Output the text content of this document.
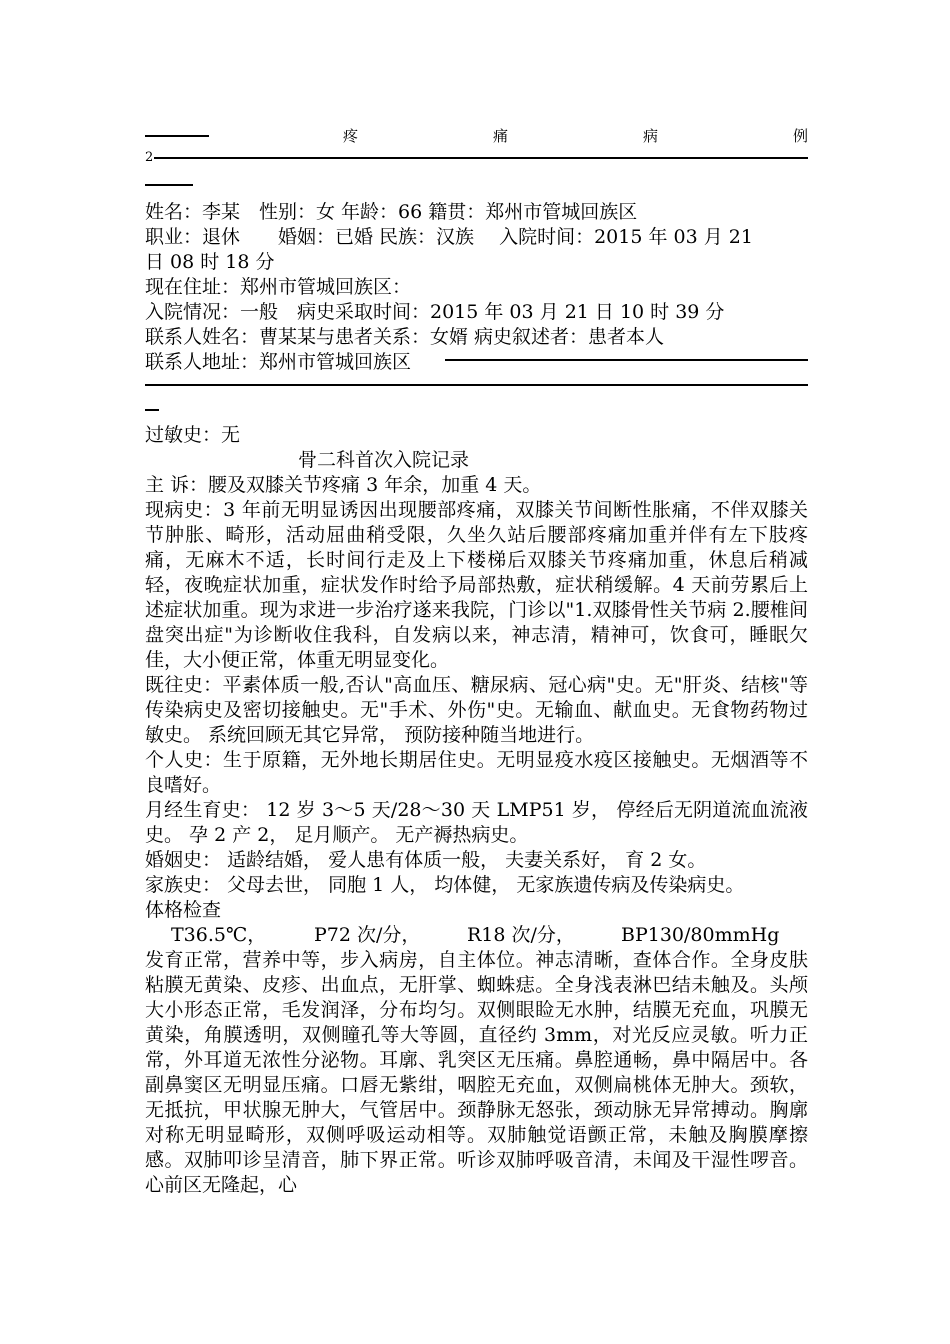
疼	痛	病	例
2
姓名：李某　性别：女 年龄：66 籍贯：郑州市管城回族区
职业：退休　　婚姻：已婚 民族：汉族　 入院时间：2015 年 03 月 21
日 08 时 18 分
现在住址：郑州市管城回族区：
入院情况：一般　病史采取时间：2015 年 03 月 21 日 10 时 39 分
联系人姓名：曹某某与患者关系：女婿 病史叙述者：患者本人
联系人地址：郑州市管城回族区

过敏史：无

骨二科首次入院记录

主 诉：腰及双膝关节疼痛 3 年余，加重 4 天。

现病史：3 年前无明显诱因出现腰部疼痛，双膝关节间断性胀痛，不伴双膝关节肿胀、畸形，活动屈曲稍受限，久坐久站后腰部疼痛加重并伴有左下肢疼痛，无麻木不适，长时间行走及上下楼梯后双膝关节疼痛加重，休息后稍减轻，夜晚症状加重，症状发作时给予局部热敷，症状稍缓解。4 天前劳累后上述症状加重。现为求进一步治疗遂来我院，门诊以"1.双膝骨性关节病 2.腰椎间盘突出症"为诊断收住我科，自发病以来，神志清，精神可，饮食可，睡眠欠佳，大小便正常，体重无明显变化。

既往史：平素体质一般,否认"高血压、糖尿病、冠心病"史。无"肝炎、结核"等传染病史及密切接触史。无"手术、外伤"史。无输血、献血史。无食物药物过敏史。 系统回顾无其它异常， 预防接种随当地进行。

个人史：生于原籍，无外地长期居住史。无明显疫水疫区接触史。无烟酒等不良嗜好。

月经生育史： 12 岁 3～5 天/28～30 天 LMP51 岁， 停经后无阴道流血流液史。 孕 2 产 2， 足月顺产。 无产褥热病史。

婚姻史： 适龄结婚， 爱人患有体质一般， 夫妻关系好， 育 2 女。

家族史： 父母去世， 同胞 1 人， 均体健， 无家族遗传病及传染病史。

体格检查

T36.5℃，	P72 次/分， R18 次/分， BP130/80mmHg

发育正常，营养中等，步入病房，自主体位。神志清晰，查体合作。全身皮肤粘膜无黄染、皮疹、出血点，无肝掌、蜘蛛痣。全身浅表淋巴结未触及。头颅大小形态正常，毛发润泽，分布均匀。双侧眼睑无水肿，结膜无充血，巩膜无黄染，角膜透明，双侧瞳孔等大等圆，直径约 3mm，对光反应灵敏。听力正常，外耳道无浓性分泌物。耳廓、乳突区无压痛。鼻腔通畅，鼻中隔居中。各副鼻窦区无明显压痛。口唇无紫绀，咽腔无充血，双侧扁桃体无肿大。颈软，无抵抗，甲状腺无肿大，气管居中。颈静脉无怒张，颈动脉无异常搏动。胸廓对称无明显畸形，双侧呼吸运动相等。双肺触觉语颤正常，未触及胸膜摩擦感。双肺叩诊呈清音，肺下界正常。听诊双肺呼吸音清，未闻及干湿性啰音。心前区无隆起，心
